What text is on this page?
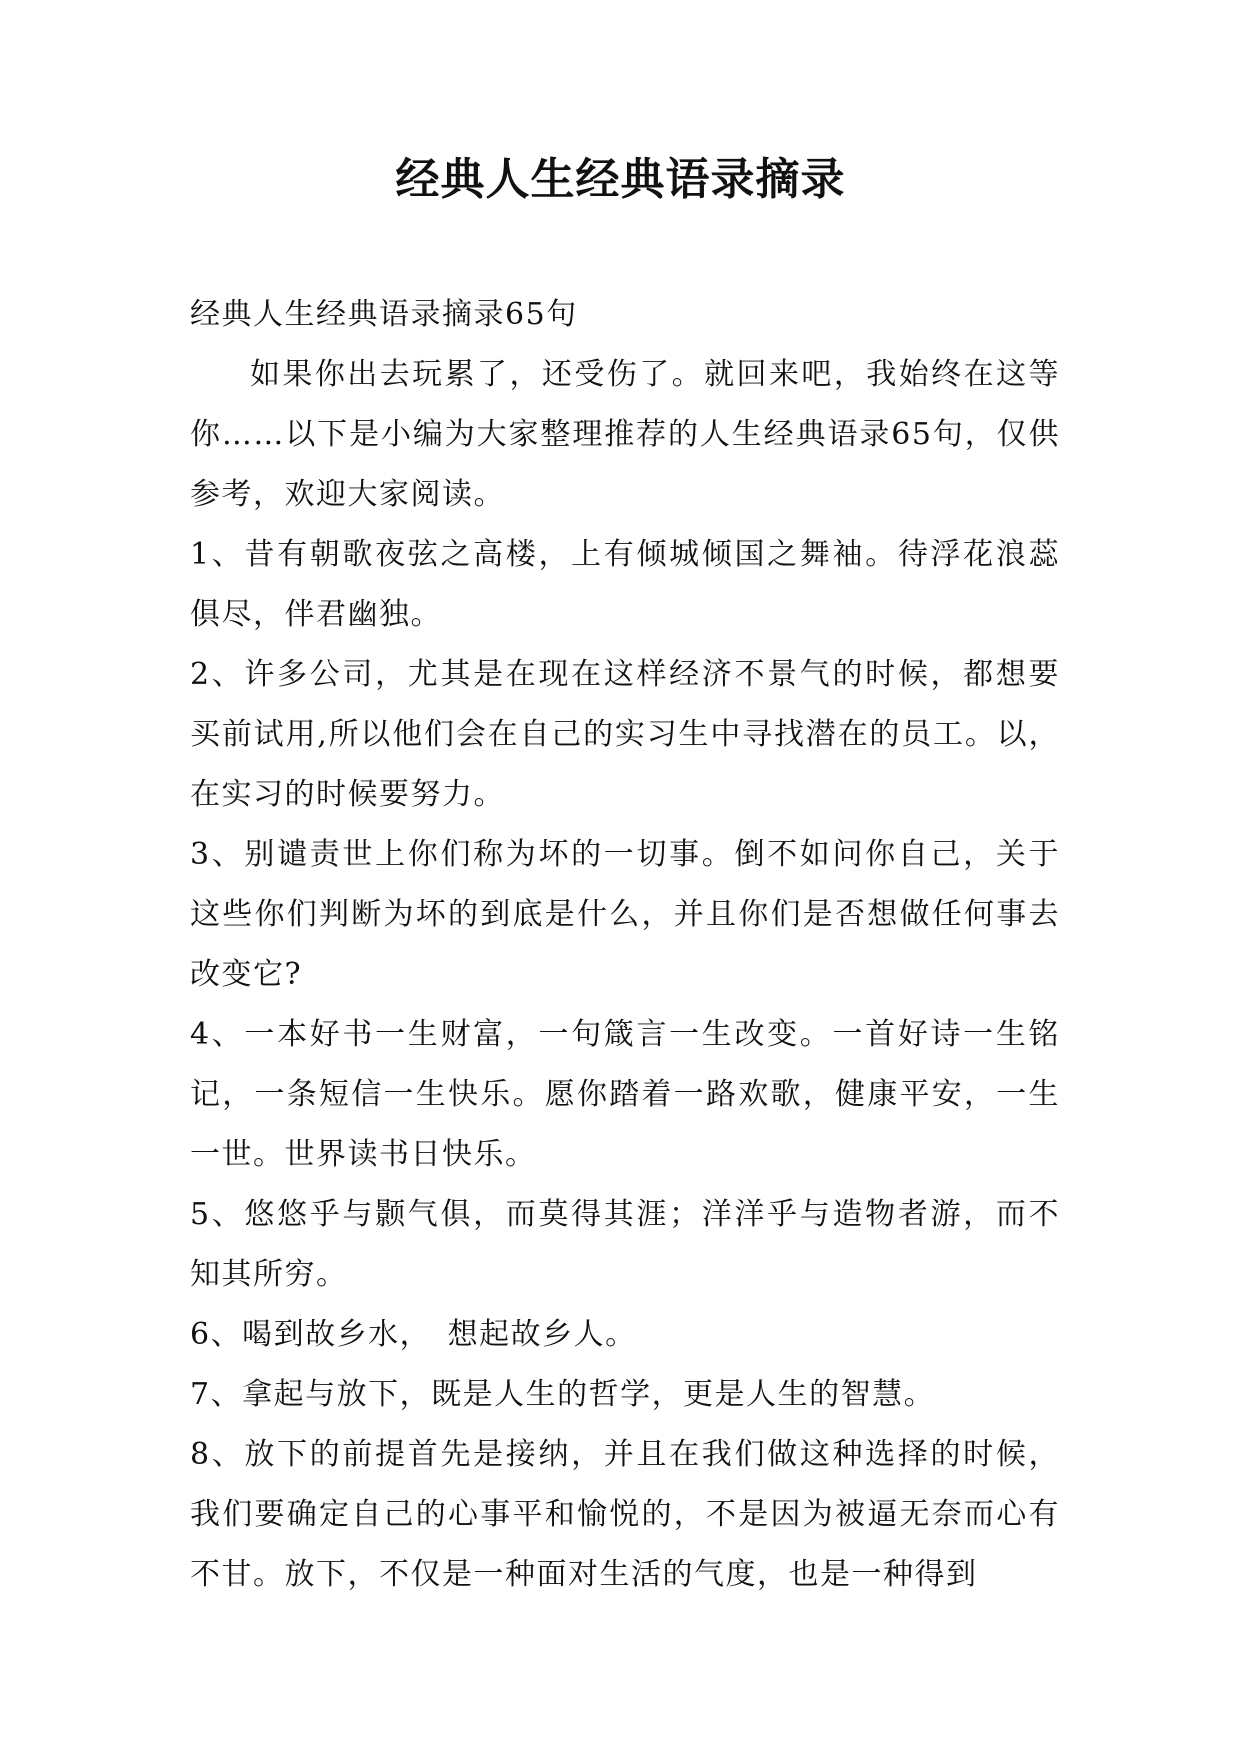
经典人生经典语录摘录

经典人生经典语录摘录65句

如果你出去玩累了，还受伤了。就回来吧，我始终在这等你……以下是小编为大家整理推荐的人生经典语录65句，仅供参考，欢迎大家阅读。

1、昔有朝歌夜弦之高楼，上有倾城倾国之舞袖。待浮花浪蕊俱尽，伴君幽独。

2、许多公司，尤其是在现在这样经济不景气的时候，都想要买前试用,所以他们会在自己的实习生中寻找潜在的员工。以，在实习的时候要努力。

3、别谴责世上你们称为坏的一切事。倒不如问你自己，关于这些你们判断为坏的到底是什么，并且你们是否想做任何事去改变它?

4、一本好书一生财富，一句箴言一生改变。一首好诗一生铭记，一条短信一生快乐。愿你踏着一路欢歌，健康平安，一生一世。世界读书日快乐。

5、悠悠乎与颢气俱，而莫得其涯；洋洋乎与造物者游，而不知其所穷。

6、喝到故乡水，　想起故乡人。

7、拿起与放下，既是人生的哲学，更是人生的智慧。

8、放下的前提首先是接纳，并且在我们做这种选择的时候，我们要确定自己的心事平和愉悦的，不是因为被逼无奈而心有不甘。放下，不仅是一种面对生活的气度，也是一种得到
